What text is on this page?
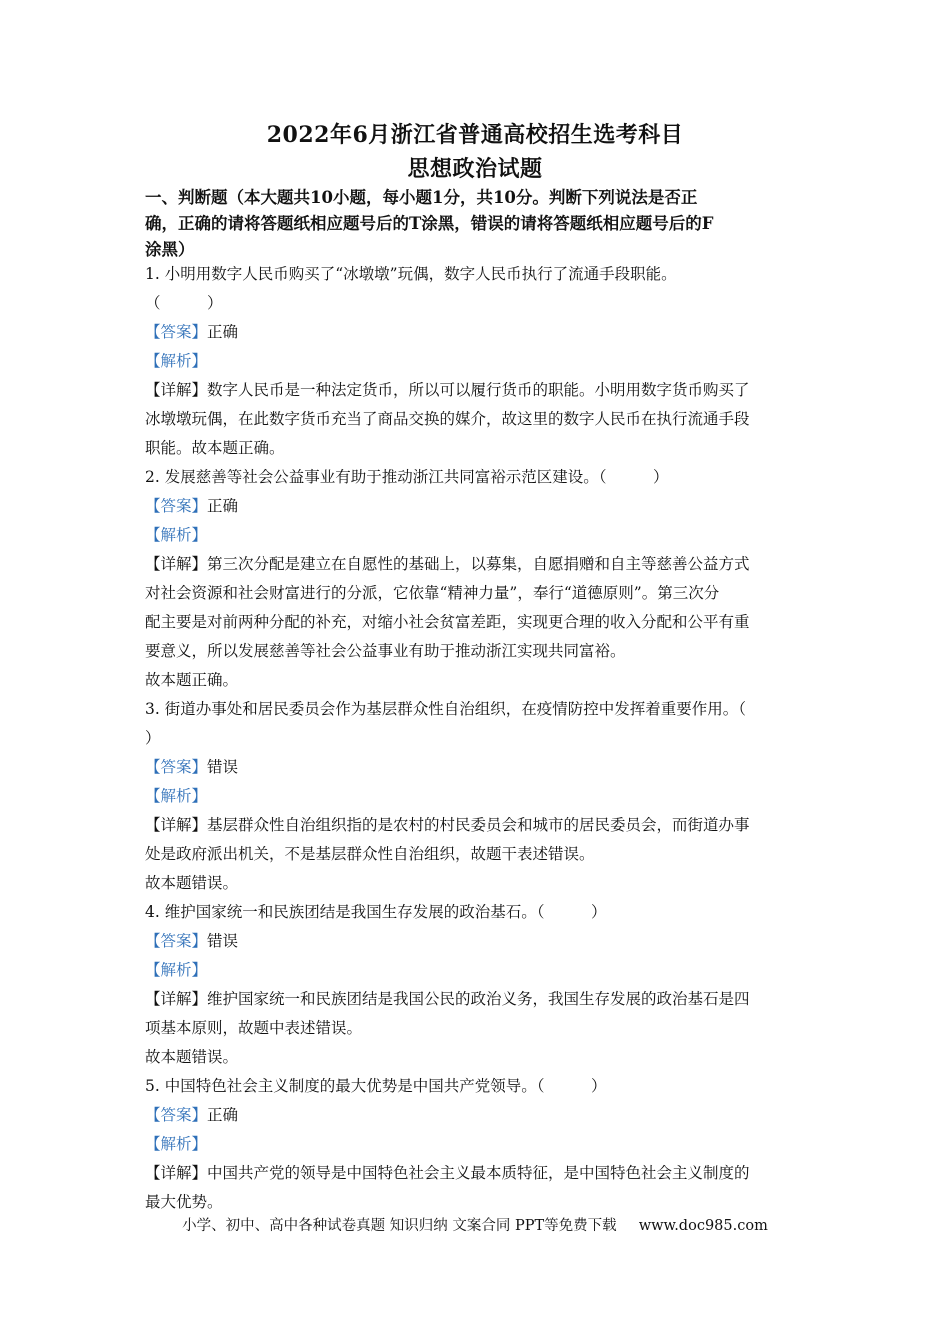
2022年6月浙江省普通高校招生选考科目
思想政治试题
一、判断题（本大题共10小题，每小题1分，共10分。判断下列说法是否正
确，正确的请将答题纸相应题号后的T涂黑，错误的请将答题纸相应题号后的F
涂黑）
1. 小明用数字人民币购买了“冰墩墩”玩偶，数字人民币执行了流通手段职能。
（　　　）
【答案】正确
【解析】
【详解】数字人民币是一种法定货币，所以可以履行货币的职能。小明用数字货币购买了
冰墩墩玩偶，在此数字货币充当了商品交换的媒介，故这里的数字人民币在执行流通手段
职能。故本题正确。
2. 发展慈善等社会公益事业有助于推动浙江共同富裕示范区建设。（　　　）
【答案】正确
【解析】
【详解】第三次分配是建立在自愿性的基础上，以募集，自愿捐赠和自主等慈善公益方式
对社会资源和社会财富进行的分派，它依靠“精神力量”，奉行“道德原则”。第三次分
配主要是对前两种分配的补充，对缩小社会贫富差距，实现更合理的收入分配和公平有重
要意义，所以发展慈善等社会公益事业有助于推动浙江实现共同富裕。
故本题正确。
3. 街道办事处和居民委员会作为基层群众性自治组织，在疫情防控中发挥着重要作用。（
）
【答案】错误
【解析】
【详解】基层群众性自治组织指的是农村的村民委员会和城市的居民委员会，而街道办事
处是政府派出机关，不是基层群众性自治组织，故题干表述错误。
故本题错误。
4. 维护国家统一和民族团结是我国生存发展的政治基石。（　　　）
【答案】错误
【解析】
【详解】维护国家统一和民族团结是我国公民的政治义务，我国生存发展的政治基石是四
项基本原则，故题中表述错误。
故本题错误。
5. 中国特色社会主义制度的最大优势是中国共产党领导。（　　　）
【答案】正确
【解析】
【详解】中国共产党的领导是中国特色社会主义最本质特征，是中国特色社会主义制度的
最大优势。
小学、初中、高中各种试卷真题 知识归纳 文案合同 PPT等免费下载 www.doc985.com
